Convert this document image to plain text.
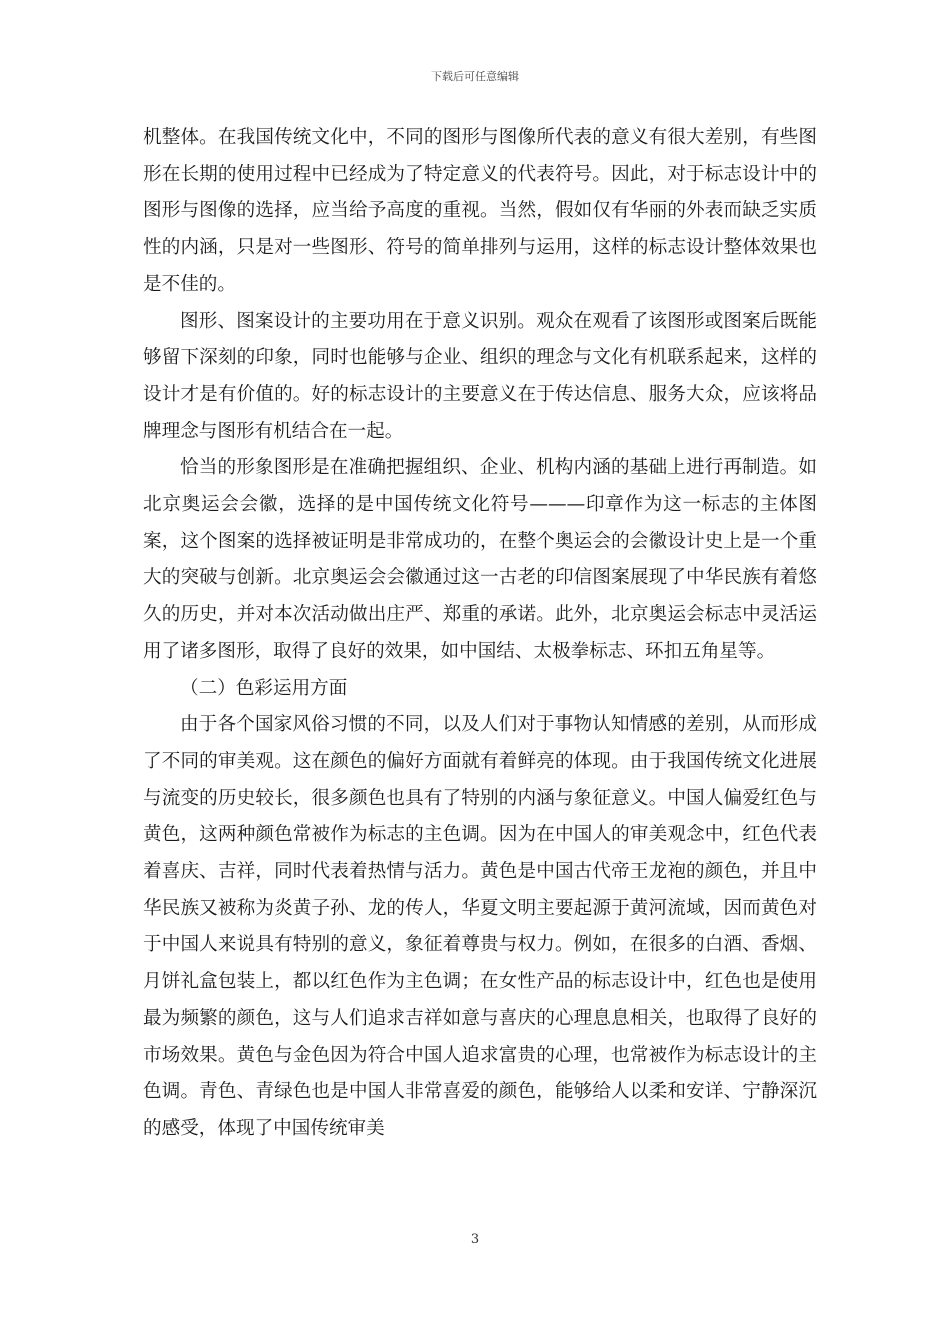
下载后可任意编辑

机整体。在我国传统文化中，不同的图形与图像所代表的意义有很大差别，有些图形在长期的使用过程中已经成为了特定意义的代表符号。因此，对于标志设计中的图形与图像的选择，应当给予高度的重视。当然，假如仅有华丽的外表而缺乏实质性的内涵，只是对一些图形、符号的简单排列与运用，这样的标志设计整体效果也是不佳的。

图形、图案设计的主要功用在于意义识别。观众在观看了该图形或图案后既能够留下深刻的印象，同时也能够与企业、组织的理念与文化有机联系起来，这样的设计才是有价值的。好的标志设计的主要意义在于传达信息、服务大众，应该将品牌理念与图形有机结合在一起。

恰当的形象图形是在准确把握组织、企业、机构内涵的基础上进行再制造。如北京奥运会会徽，选择的是中国传统文化符号———印章作为这一标志的主体图案，这个图案的选择被证明是非常成功的，在整个奥运会的会徽设计史上是一个重大的突破与创新。北京奥运会会徽通过这一古老的印信图案展现了中华民族有着悠久的历史，并对本次活动做出庄严、郑重的承诺。此外，北京奥运会标志中灵活运用了诸多图形，取得了良好的效果，如中国结、太极拳标志、环扣五角星等。

（二）色彩运用方面

由于各个国家风俗习惯的不同，以及人们对于事物认知情感的差别，从而形成了不同的审美观。这在颜色的偏好方面就有着鲜亮的体现。由于我国传统文化进展与流变的历史较长，很多颜色也具有了特别的内涵与象征意义。中国人偏爱红色与黄色，这两种颜色常被作为标志的主色调。因为在中国人的审美观念中，红色代表着喜庆、吉祥，同时代表着热情与活力。黄色是中国古代帝王龙袍的颜色，并且中华民族又被称为炎黄子孙、龙的传人，华夏文明主要起源于黄河流域，因而黄色对于中国人来说具有特别的意义，象征着尊贵与权力。例如，在很多的白酒、香烟、月饼礼盒包装上，都以红色作为主色调；在女性产品的标志设计中，红色也是使用最为频繁的颜色，这与人们追求吉祥如意与喜庆的心理息息相关，也取得了良好的市场效果。黄色与金色因为符合中国人追求富贵的心理，也常被作为标志设计的主色调。青色、青绿色也是中国人非常喜爱的颜色，能够给人以柔和安详、宁静深沉的感受，体现了中国传统审美

3
